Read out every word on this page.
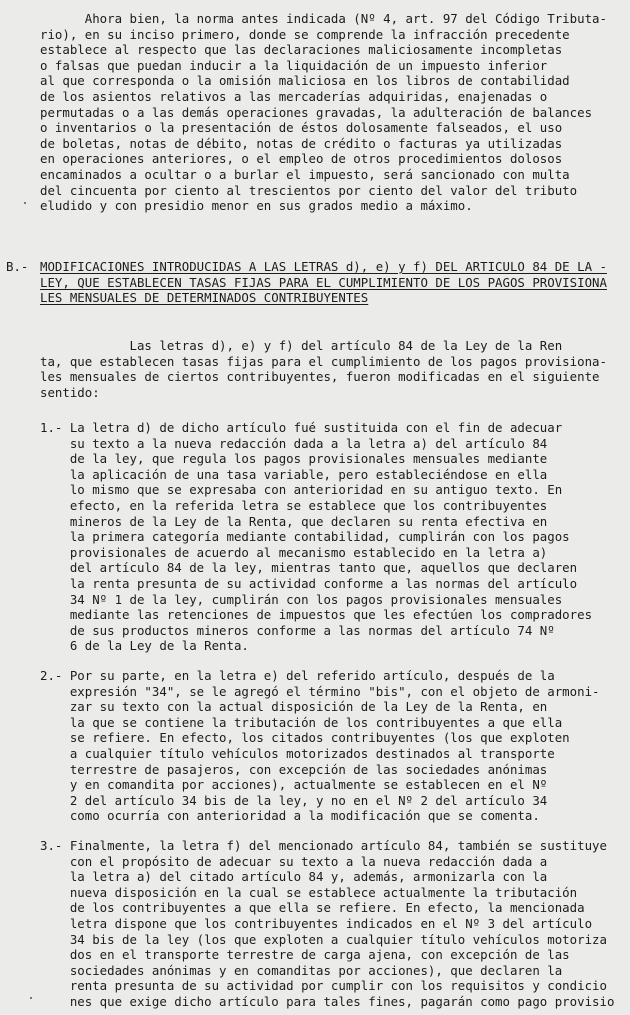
Ahora bien, la norma antes indicada (Nº 4, art. 97 del Código Tributa-
rio), en su inciso primero, donde se comprende la infracción precedente
establece al respecto que las declaraciones maliciosamente incompletas
o falsas que puedan inducir a la liquidación de un impuesto inferior
al que corresponda o la omisión maliciosa en los libros de contabilidad
de los asientos relativos a las mercaderías adquiridas, enajenadas o
permutadas o a las demás operaciones gravadas, la adulteración de balances
o inventarios o la presentación de éstos dolosamente falseados, el uso
de boletas, notas de débito, notas de crédito o facturas ya utilizadas
en operaciones anteriores, o el empleo de otros procedimientos dolosos
encaminados a ocultar o a burlar el impuesto, será sancionado con multa
del cincuenta por ciento al trescientos por ciento del valor del tributo
eludido y con presidio menor en sus grados medio a máximo.
B.- MODIFICACIONES INTRODUCIDAS A LAS LETRAS d), e) y f) DEL ARTICULO 84 DE LA -
LEY, QUE ESTABLECEN TASAS FIJAS PARA EL CUMPLIMIENTO DE LOS PAGOS PROVISIONA
LES MENSUALES DE DETERMINADOS CONTRIBUYENTES
Las letras d), e) y f) del artículo 84 de la Ley de la Ren
ta, que establecen tasas fijas para el cumplimiento de los pagos provisiona-
les mensuales de ciertos contribuyentes, fueron modificadas en el siguiente
sentido:
1.- La letra d) de dicho artículo fué sustituida con el fin de adecuar
su texto a la nueva redacción dada a la letra a) del artículo 84
de la ley, que regula los pagos provisionales mensuales mediante
la aplicación de una tasa variable, pero estableciéndose en ella
lo mismo que se expresaba con anterioridad en su antiguo texto. En
efecto, en la referida letra se establece que los contribuyentes
mineros de la Ley de la Renta, que declaren su renta efectiva en
la primera categoría mediante contabilidad, cumplirán con los pagos
provisionales de acuerdo al mecanismo establecido en la letra a)
del artículo 84 de la ley, mientras tanto que, aquellos que declaren
la renta presunta de su actividad conforme a las normas del artículo
34 Nº 1 de la ley, cumplirán con los pagos provisionales mensuales
mediante las retenciones de impuestos que les efectúen los compradores
de sus productos mineros conforme a las normas del artículo 74 Nº
6 de la Ley de la Renta.
2.- Por su parte, en la letra e) del referido artículo, después de la
expresión "34", se le agregó el término "bis", con el objeto de armoni-
zar su texto con la actual disposición de la Ley de la Renta, en
la que se contiene la tributación de los contribuyentes a que ella
se refiere. En efecto, los citados contribuyentes (los que exploten
a cualquier título vehículos motorizados destinados al transporte
terrestre de pasajeros, con excepción de las sociedades anónimas
y en comandita por acciones), actualmente se establecen en el Nº
2 del artículo 34 bis de la ley, y no en el Nº 2 del artículo 34
como ocurría con anterioridad a la modificación que se comenta.
3.- Finalmente, la letra f) del mencionado artículo 84, también se sustituye
con el propósito de adecuar su texto a la nueva redacción dada a
la letra a) del citado artículo 84 y, además, armonizarla con la
nueva disposición en la cual se establece actualmente la tributación
de los contribuyentes a que ella se refiere. En efecto, la mencionada
letra dispone que los contribuyentes indicados en el Nº 3 del artículo
34 bis de la ley (los que exploten a cualquier título vehículos motoriza
dos en el transporte terrestre de carga ajena, con excepción de las
sociedades anónimas y en comanditas por acciones), que declaren la
renta presunta de su actividad por cumplir con los requisitos y condicio
nes que exige dicho artículo para tales fines, pagarán como pago provisio
